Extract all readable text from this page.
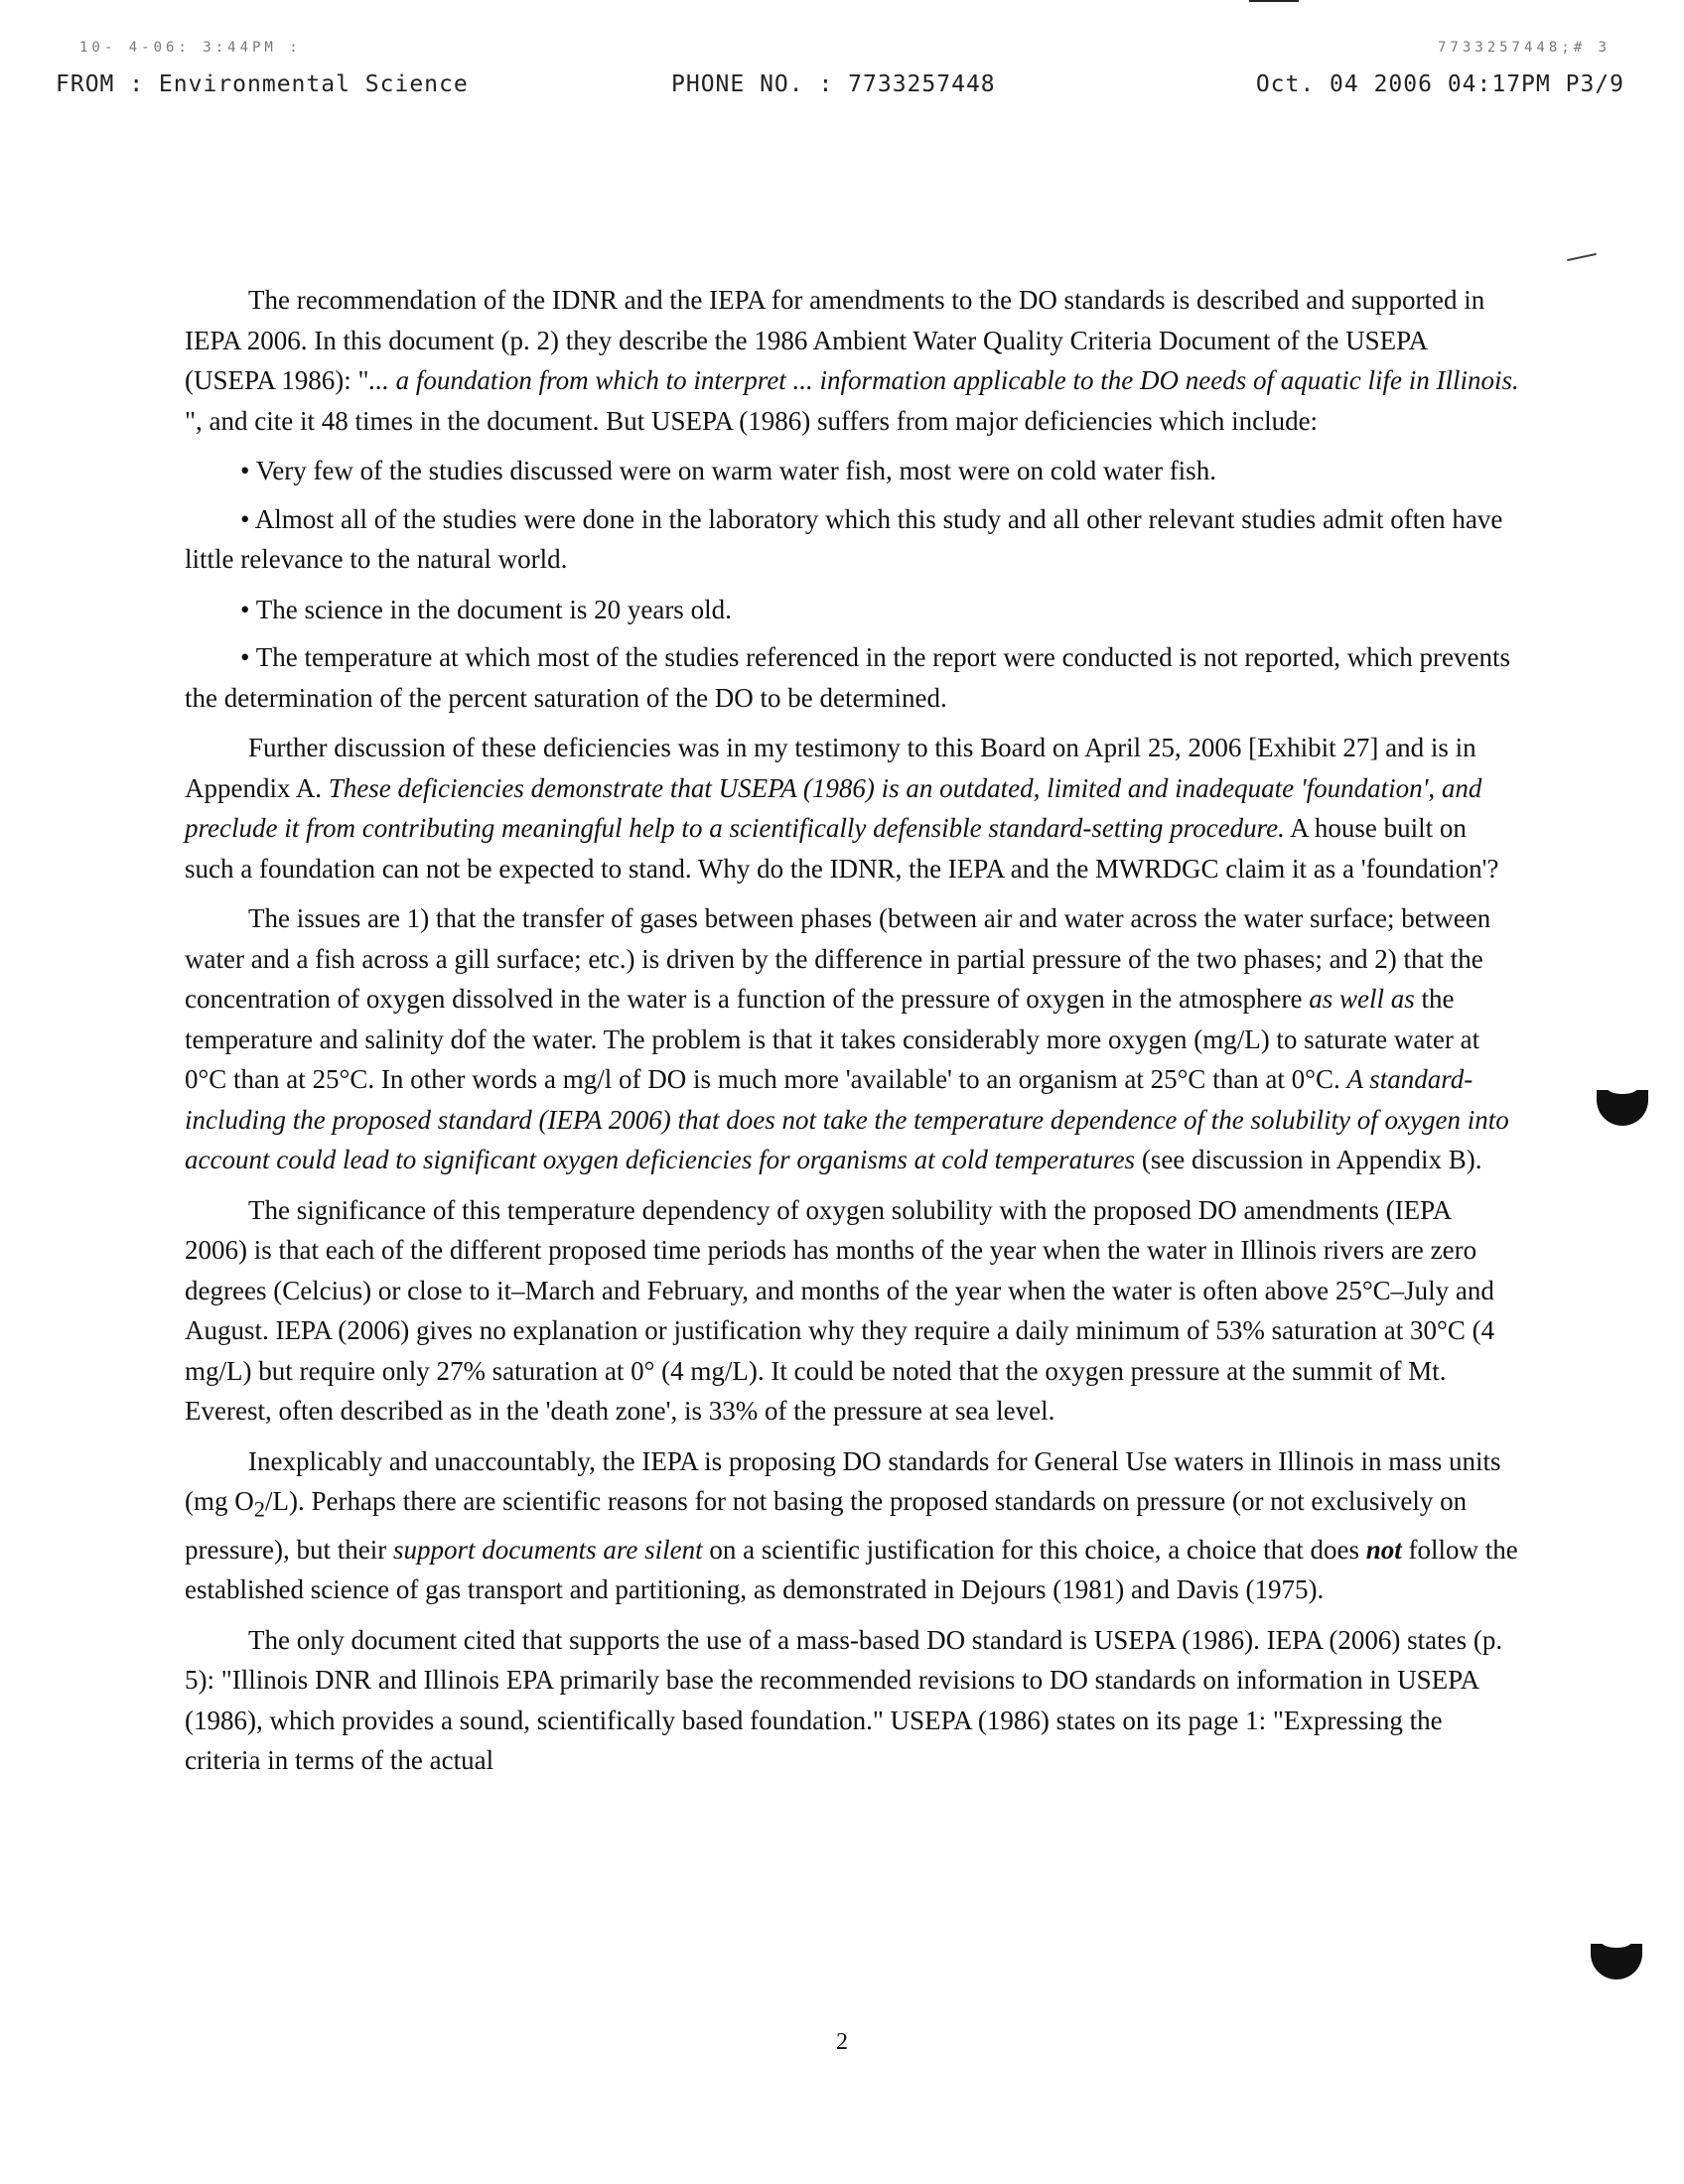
10- 4-06: 3:44PM :	7733257448;# 3
FROM : Environmental Science	PHONE NO. : 7733257448	Oct. 04 2006 04:17PM P3/9

The recommendation of the IDNR and the IEPA for amendments to the DO standards is described and supported in IEPA 2006. In this document (p. 2) they describe the 1986 Ambient Water Quality Criteria Document of the USEPA (USEPA 1986): "... a foundation from which to interpret ... information applicable to the DO needs of aquatic life in Illinois. ", and cite it 48 times in the document. But USEPA (1986) suffers from major deficiencies which include:

• Very few of the studies discussed were on warm water fish, most were on cold water fish.

• Almost all of the studies were done in the laboratory which this study and all other relevant studies admit often have little relevance to the natural world.

• The science in the document is 20 years old.

• The temperature at which most of the studies referenced in the report were conducted is not reported, which prevents the determination of the percent saturation of the DO to be determined.

Further discussion of these deficiencies was in my testimony to this Board on April 25, 2006 [Exhibit 27] and is in Appendix A. These deficiencies demonstrate that USEPA (1986) is an outdated, limited and inadequate 'foundation', and preclude it from contributing meaningful help to a scientifically defensible standard-setting procedure. A house built on such a foundation can not be expected to stand. Why do the IDNR, the IEPA and the MWRDGC claim it as a 'foundation'?

The issues are 1) that the transfer of gases between phases (between air and water across the water surface; between water and a fish across a gill surface; etc.) is driven by the difference in partial pressure of the two phases; and 2) that the concentration of oxygen dissolved in the water is a function of the pressure of oxygen in the atmosphere as well as the temperature and salinity dof the water. The problem is that it takes considerably more oxygen (mg/L) to saturate water at 0°C than at 25°C. In other words a mg/l of DO is much more 'available' to an organism at 25°C than at 0°C. A standard-including the proposed standard (IEPA 2006) that does not take the temperature dependence of the solubility of oxygen into account could lead to significant oxygen deficiencies for organisms at cold temperatures (see discussion in Appendix B).

The significance of this temperature dependency of oxygen solubility with the proposed DO amendments (IEPA 2006) is that each of the different proposed time periods has months of the year when the water in Illinois rivers are zero degrees (Celcius) or close to it–March and February, and months of the year when the water is often above 25°C–July and August. IEPA (2006) gives no explanation or justification why they require a daily minimum of 53% saturation at 30°C (4 mg/L) but require only 27% saturation at 0° (4 mg/L). It could be noted that the oxygen pressure at the summit of Mt. Everest, often described as in the 'death zone', is 33% of the pressure at sea level.

Inexplicably and unaccountably, the IEPA is proposing DO standards for General Use waters in Illinois in mass units (mg $O_2/L$). Perhaps there are scientific reasons for not basing the proposed standards on pressure (or not exclusively on pressure), but their support documents are silent on a scientific justification for this choice, a choice that does not follow the established science of gas transport and partitioning, as demonstrated in Dejours (1981) and Davis (1975).

The only document cited that supports the use of a mass-based DO standard is USEPA (1986). IEPA (2006) states (p. 5): "Illinois DNR and Illinois EPA primarily base the recommended revisions to DO standards on information in USEPA (1986), which provides a sound, scientifically based foundation." USEPA (1986) states on its page 1: "Expressing the criteria in terms of the actual

2
